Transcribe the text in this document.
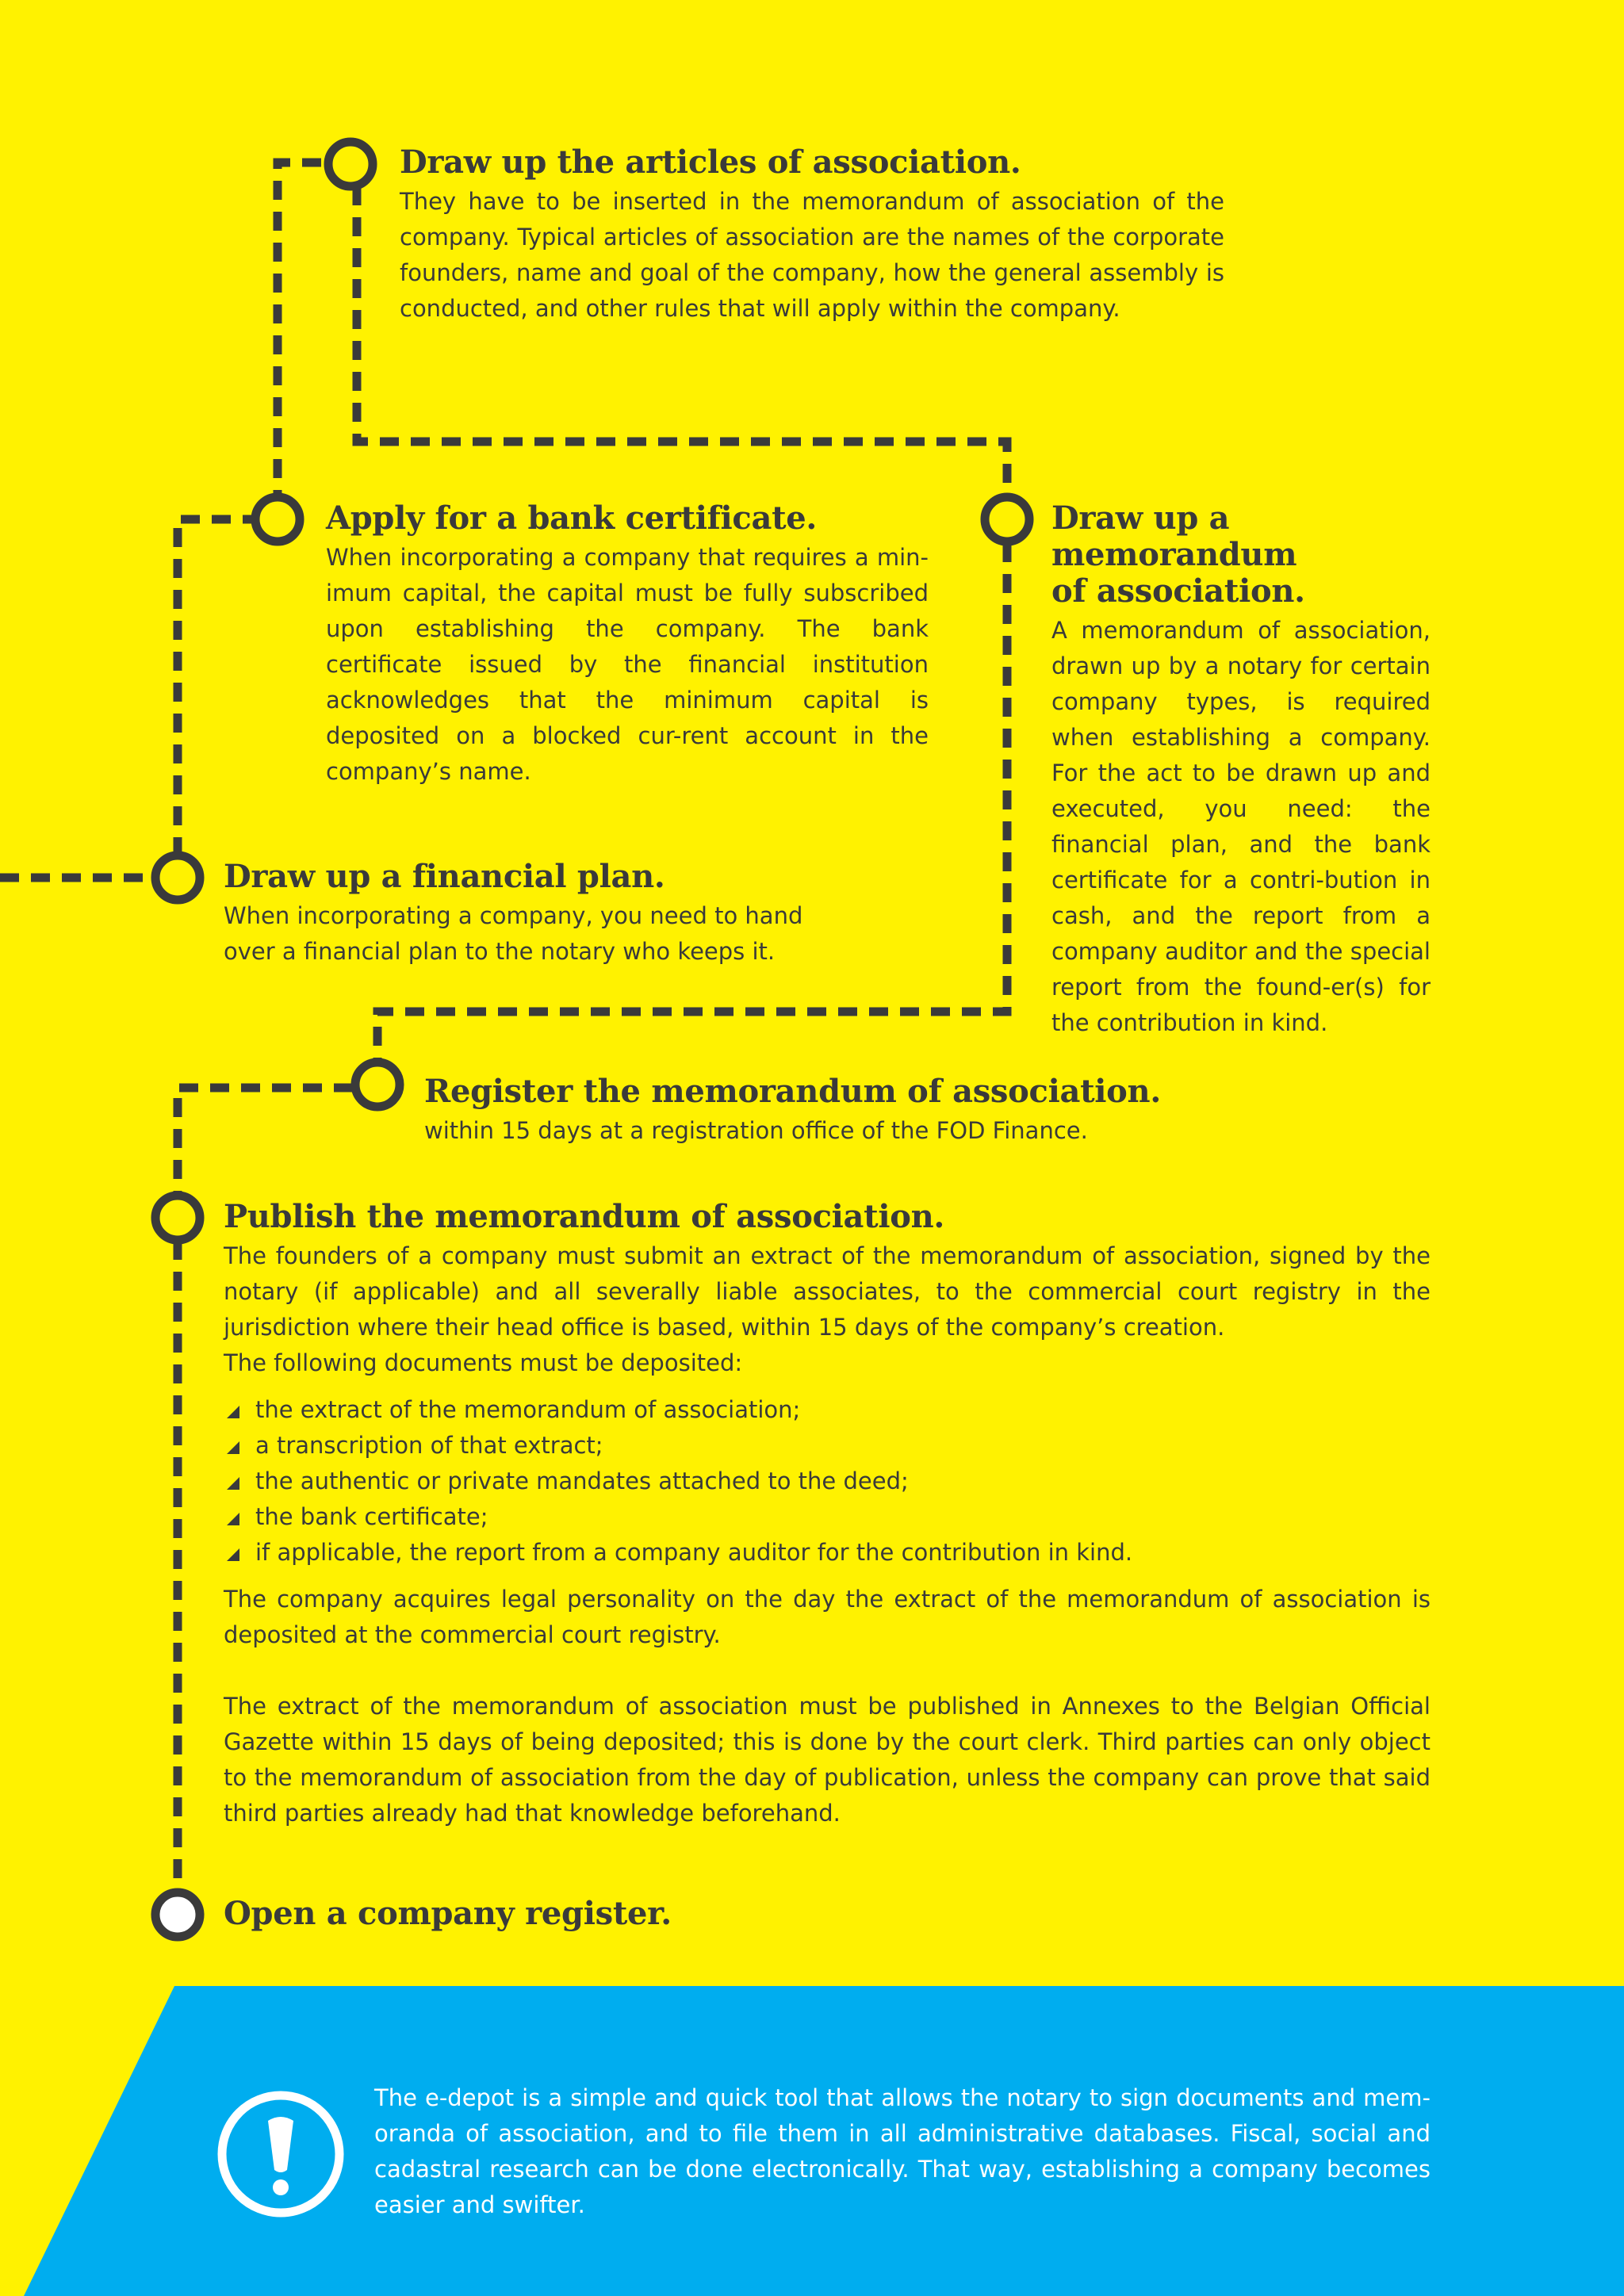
Draw up the articles of association.

They have to be inserted in the memorandum of association of the company. Typical articles of association are the names of the corporate founders, name and goal of the company, how the general assembly is conducted, and other rules that will apply within the company.

Apply for a bank certificate.

When incorporating a company that requires a min-imum capital, the capital must be fully subscribed upon establishing the company. The bank certificate issued by the financial institution acknowledges that the minimum capital is deposited on a blocked cur-rent account in the company’s name.

Draw up a memorandum of association.

A memorandum of association, drawn up by a notary for certain company types, is required when establishing a company. For the act to be drawn up and executed, you need: the financial plan, and the bank certificate for a contri-bution in cash, and the report from a company auditor and the special report from the found-er(s) for the contribution in kind.

Draw up a financial plan.

When incorporating a company, you need to hand over a financial plan to the notary who keeps it.

Register the memorandum of association.

within 15 days at a registration office of the FOD Finance.

Publish the memorandum of association.

The founders of a company must submit an extract of the memorandum of association, signed by the notary (if applicable) and all severally liable associates, to the commercial court registry in the jurisdiction where their head office is based, within 15 days of the company’s creation.

The following documents must be deposited:

the extract of the memorandum of association;
a transcription of that extract;
the authentic or private mandates attached to the deed;
the bank certificate;
if applicable, the report from a company auditor for the contribution in kind.

The company acquires legal personality on the day the extract of the memorandum of association is deposited at the commercial court registry.

The extract of the memorandum of association must be published in Annexes to the Belgian Official Gazette within 15 days of being deposited; this is done by the court clerk. Third parties can only object to the memorandum of association from the day of publication, unless the company can prove that said third parties already had that knowledge beforehand.

Open a company register.

The e-depot is a simple and quick tool that allows the notary to sign documents and mem-oranda of association, and to file them in all administrative databases. Fiscal, social and cadastral research can be done electronically. That way, establishing a company becomes easier and swifter.
